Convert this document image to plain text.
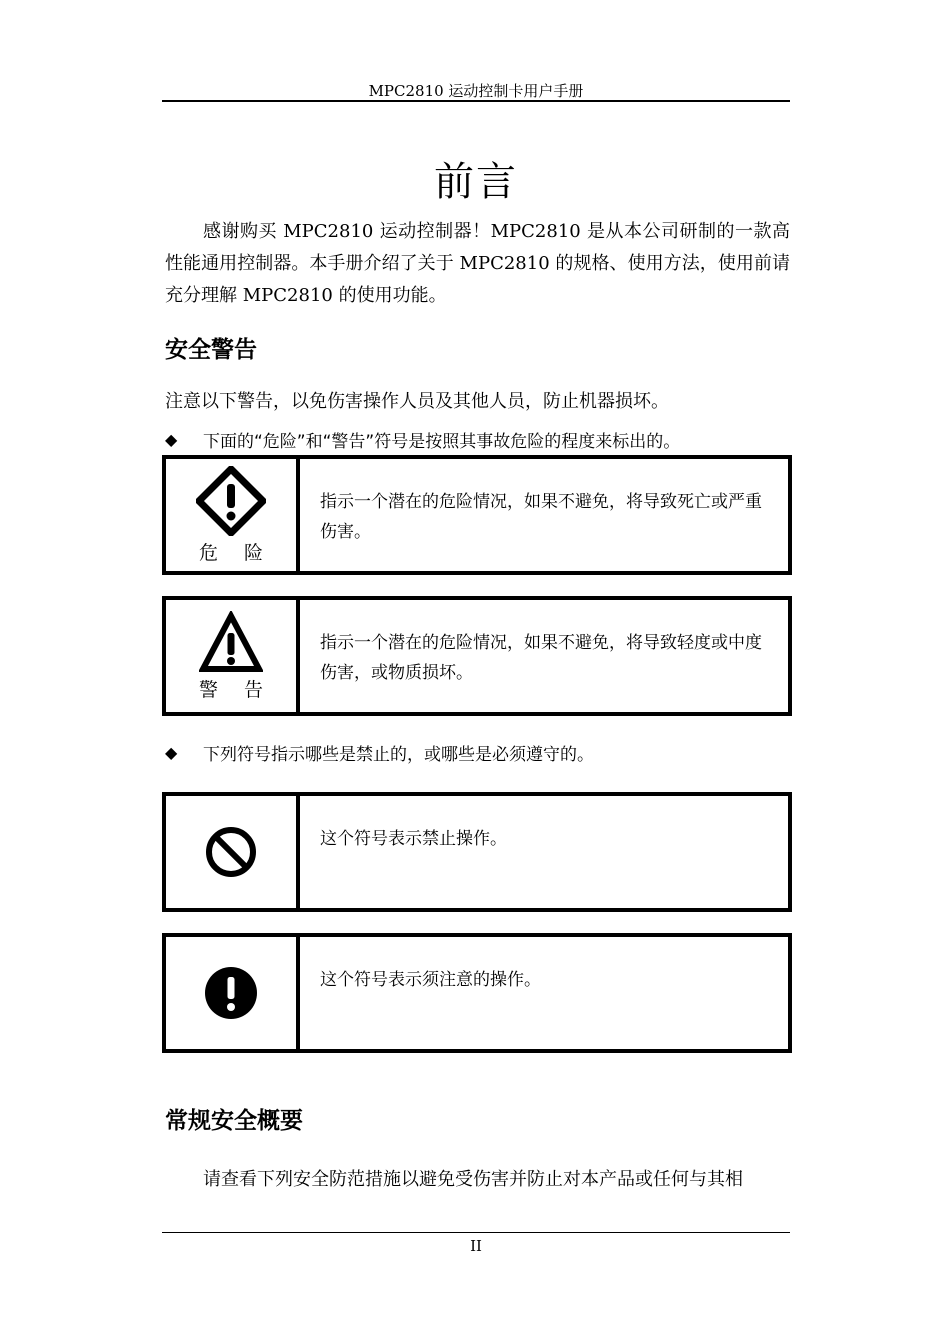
MPC2810 运动控制卡用户手册
前言
感谢购买 MPC2810 运动控制器！MPC2810 是从本公司研制的一款高性能通用控制器。本手册介绍了关于 MPC2810 的规格、使用方法，使用前请充分理解 MPC2810 的使用功能。
安全警告
注意以下警告，以免伤害操作人员及其他人员，防止机器损坏。
◆	下面的“危险”和“警告”符号是按照其事故危险的程度来标出的。
危 险
指示一个潜在的危险情况，如果不避免，将导致死亡或严重伤害。
警 告
指示一个潜在的危险情况，如果不避免，将导致轻度或中度伤害，或物质损坏。
◆	下列符号指示哪些是禁止的，或哪些是必须遵守的。
这个符号表示禁止操作。
这个符号表示须注意的操作。
常规安全概要
请查看下列安全防范措施以避免受伤害并防止对本产品或任何与其相
II
